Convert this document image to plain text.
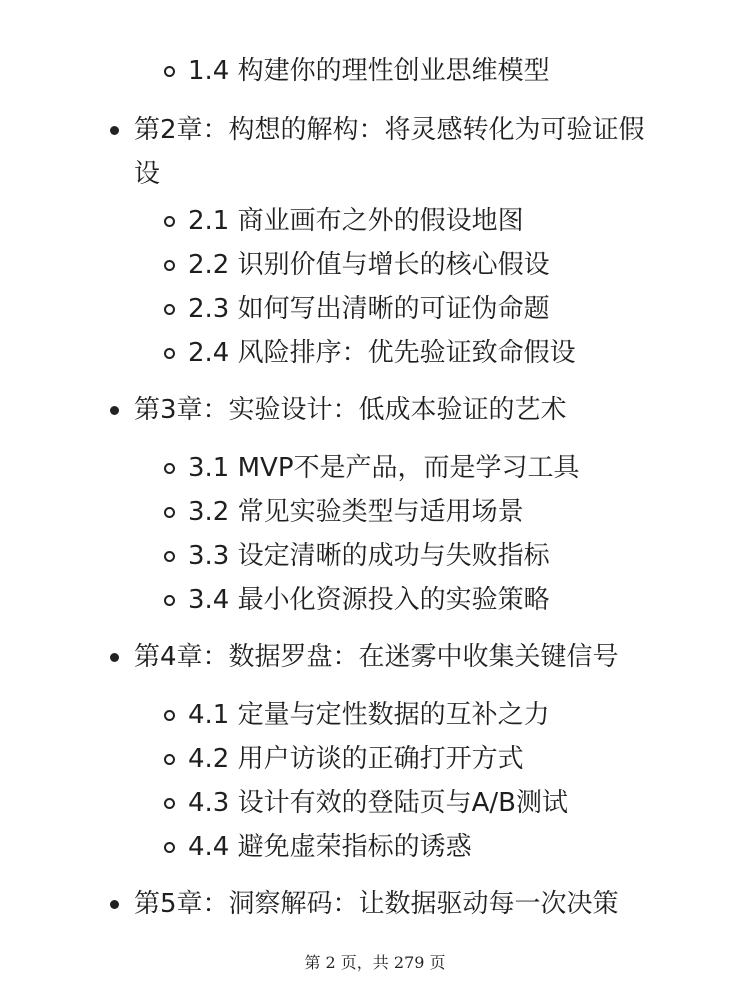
1.4 构建你的理性创业思维模型
第2章：构想的解构：将灵感转化为可验证假
设
2.1 商业画布之外的假设地图
2.2 识别价值与增长的核心假设
2.3 如何写出清晰的可证伪命题
2.4 风险排序：优先验证致命假设
第3章：实验设计：低成本验证的艺术
3.1 MVP不是产品，而是学习工具
3.2 常见实验类型与适用场景
3.3 设定清晰的成功与失败指标
3.4 最小化资源投入的实验策略
第4章：数据罗盘：在迷雾中收集关键信号
4.1 定量与定性数据的互补之力
4.2 用户访谈的正确打开方式
4.3 设计有效的登陆页与A/B测试
4.4 避免虚荣指标的诱惑
第5章：洞察解码：让数据驱动每一次决策
第 2 页，共 279 页
